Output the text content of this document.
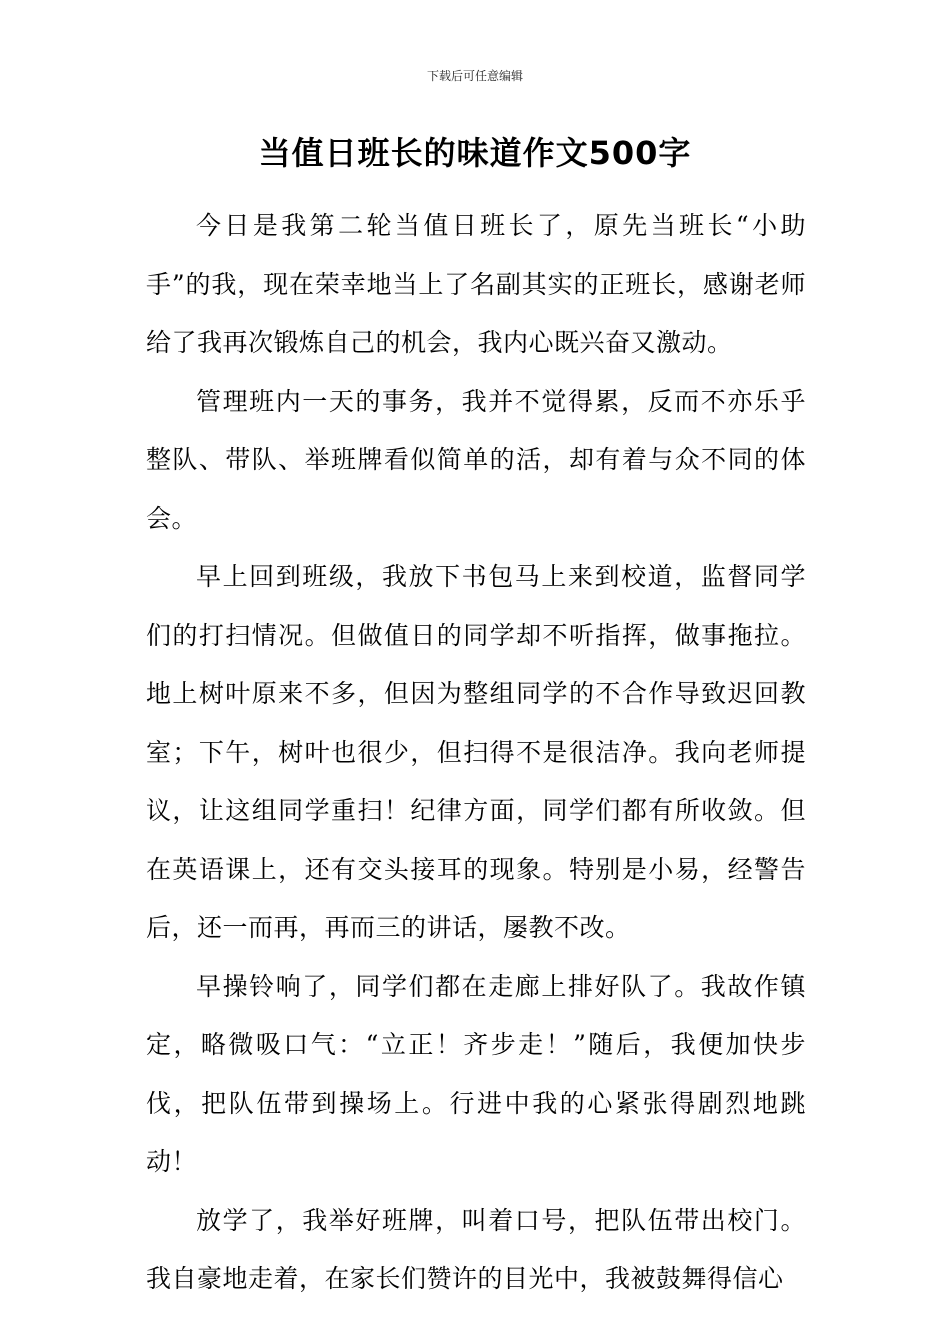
下载后可任意编辑
当值日班长的味道作文500字

今日是我第二轮当值日班长了，原先当班长“小助手”的我，现在荣幸地当上了名副其实的正班长，感谢老师给了我再次锻炼自己的机会，我内心既兴奋又激动。

管理班内一天的事务，我并不觉得累，反而不亦乐乎整队、带队、举班牌看似简单的活，却有着与众不同的体会。

早上回到班级，我放下书包马上来到校道，监督同学们的打扫情况。但做值日的同学却不听指挥，做事拖拉。地上树叶原来不多，但因为整组同学的不合作导致迟回教室；下午，树叶也很少，但扫得不是很洁净。我向老师提议，让这组同学重扫！纪律方面，同学们都有所收敛。但在英语课上，还有交头接耳的现象。特别是小易，经警告后，还一而再，再而三的讲话，屡教不改。

早操铃响了，同学们都在走廊上排好队了。我故作镇定，略微吸口气：“立正！齐步走！”随后，我便加快步伐，把队伍带到操场上。行进中我的心紧张得剧烈地跳动！

放学了，我举好班牌，叫着口号，把队伍带出校门。我自豪地走着，在家长们赞许的目光中，我被鼓舞得信心
